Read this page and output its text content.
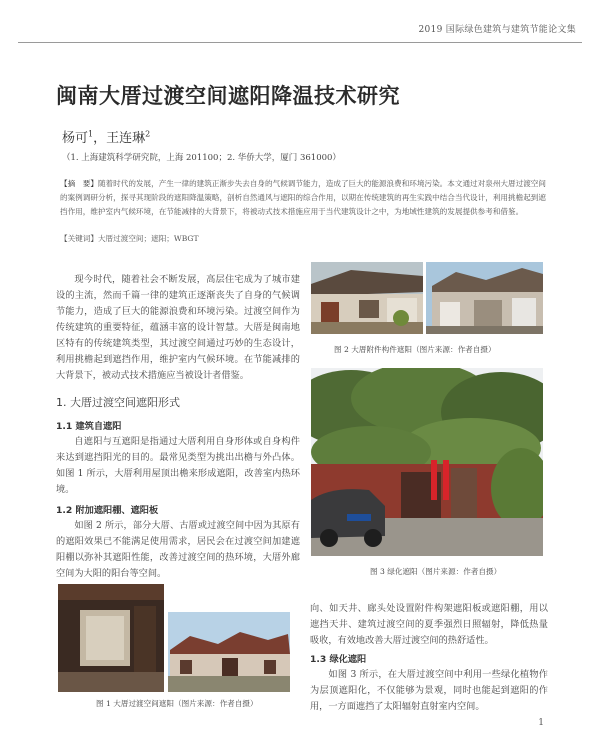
2019 国际绿色建筑与建筑节能论文集
闽南大厝过渡空间遮阳降温技术研究
杨可$^1$，王连琳$^2$
（1. 上海建筑科学研究院，上海 201100；2. 华侨大学，厦门 361000）
【摘　要】随着时代的发展，产生一律的建筑正渐步失去自身的气候调节能力，造成了巨大的能源浪费和环境污染。本文通过对泉州大厝过渡空间的案例调研分析，探寻其现阶段的遮阳降温策略，剖析自然通风与遮阳的综合作用，以期在传统建筑的再生实践中结合当代设计，利用挑檐起到遮挡作用，维护室内气候环境，在节能减排的大背景下，将被动式技术措施应用于当代建筑设计之中，为地域性建筑的发展提供参考和借鉴。
【关键词】大厝过渡空间；遮阳；WBGT

现今时代，随着社会不断发展，高层住宅成为了城市建设的主流，然而千篇一律的建筑正逐渐丧失了自身的气候调节能力，造成了巨大的能源浪费和环境污染。过渡空间作为传统建筑的重要特征，蕴涵丰富的设计智慧。大厝是闽南地区特有的传统建筑类型，其过渡空间通过巧妙的生态设计，利用挑檐起到遮挡作用，维护室内气候环境。在节能减排的大背景下，被动式技术措施应当被设计者借鉴。

1. 大厝过渡空间遮阳形式
1.1 建筑自遮阳

自遮阳与互遮阳是指通过大厝利用自身形体或自身构件来达到遮挡阳光的目的。最常见类型为挑出出檐与外凸体。如图 1 所示，大厝利用屋顶出檐来形成遮阳，改善室内热环境。

1.2 附加遮阳棚、遮阳板

如图 2 所示，部分大厝、古厝或过渡空间中因为其原有的遮阳效果已不能满足使用需求，居民会在过渡空间加建遮阳棚以弥补其遮阳性能，改善过渡空间的热环境，大厝外廊空间为大阳的阳台等空间。

图 2 大厝附件构件遮阳（图片来源：作者自摄）
图 3 绿化遮阳（图片来源：作者自摄）
图 1 大厝过渡空间遮阳（图片来源：作者自摄）

向、如天井、廊头处设置附件构架遮阳板或遮阳棚，用以遮挡天井、建筑过渡空间的夏季强烈日照辐射，降低热量吸收，有效地改善大厝过渡空间的热舒适性。

1.3 绿化遮阳

如图 3 所示，在大厝过渡空间中利用一些绿化植物作为层顶遮阳化，不仅能够为景观，同时也能起到遮阳的作用，一方面遮挡了太阳辐射直射室内空间。

1
